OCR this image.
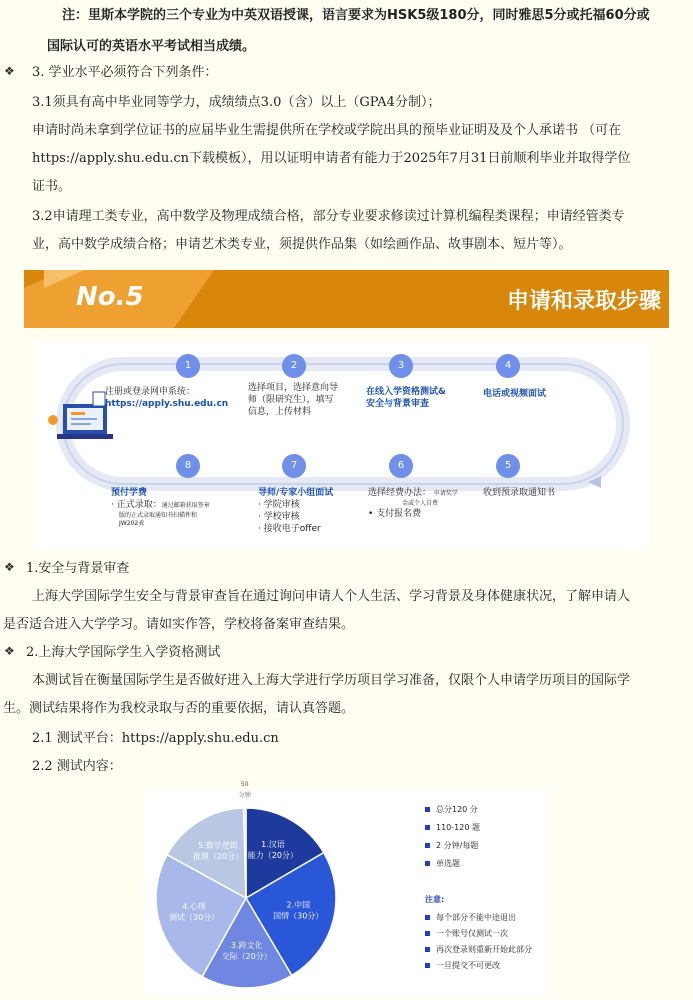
注：里斯本学院的三个专业为中英双语授课，语言要求为HSK5级180分，同时雅思5分或托福60分或
国际认可的英语水平考试相当成绩。
❖ 3. 学业水平必须符合下列条件：
3.1须具有高中毕业同等学力，成绩绩点3.0（含）以上（GPA4分制）；
申请时尚未拿到学位证书的应届毕业生需提供所在学校或学院出具的预毕业证明及及个人承诺书 （可在
https://apply.shu.edu.cn下载模板），用以证明申请者有能力于2025年7月31日前顺利毕业并取得学位
证书。
3.2申请理工类专业，高中数学及物理成绩合格，部分专业要求修读过计算机编程类课程；申请经管类专
业，高中数学成绩合格；申请艺术类专业，须提供作品集（如绘画作品、故事剧本、短片等）。
No.5	申请和录取步骤
1	2	3	4
5
6
7
8
注册或登录网申系统：
https://apply.shu.edu.cn
选择项目，选择意向导
师（限研究生），填写
信息，上传材料
在线入学资格测试&
安全与背景审查
电话或视频面试
收到预录取通知书
选择经费办法： 申请奖学
金或个人自费
• 支付报名费
导师/专家小组面试
· 学院审核
· 学校审核
· 接收电子offer
预付学费
· 正式录取：通过邮箱获取签章
版的正式录取通知书扫描件和
JW202表
❖ 1.安全与背景审查
上海大学国际学生安全与背景审查旨在通过询问申请人个人生活、学习背景及身体健康状况，了解申请人
是否适合进入大学学习。请如实作答，学校将备案审查结果。
❖ 2.上海大学国际学生入学资格测试
本测试旨在衡量国际学生是否做好进入上海大学进行学历项目学习准备，仅限个人申请学历项目的国际学
生。测试结果将作为我校录取与否的重要依据，请认真答题。
2.1 测试平台：https://apply.shu.edu.cn
2.2 测试内容：
1.汉语
能力（20分）
2.中国
国情（30分）
3.跨文化
交际（20分）
4.心理
测试（30分）
5.数学逻辑
推理（20分）
50
分钟
总分120 分
110-120 题
2 分钟/每题
单选题
注意:
每个部分不能中途退出
一个账号仅测试一次
再次登录则重新开始此部分
一旦提交不可更改
